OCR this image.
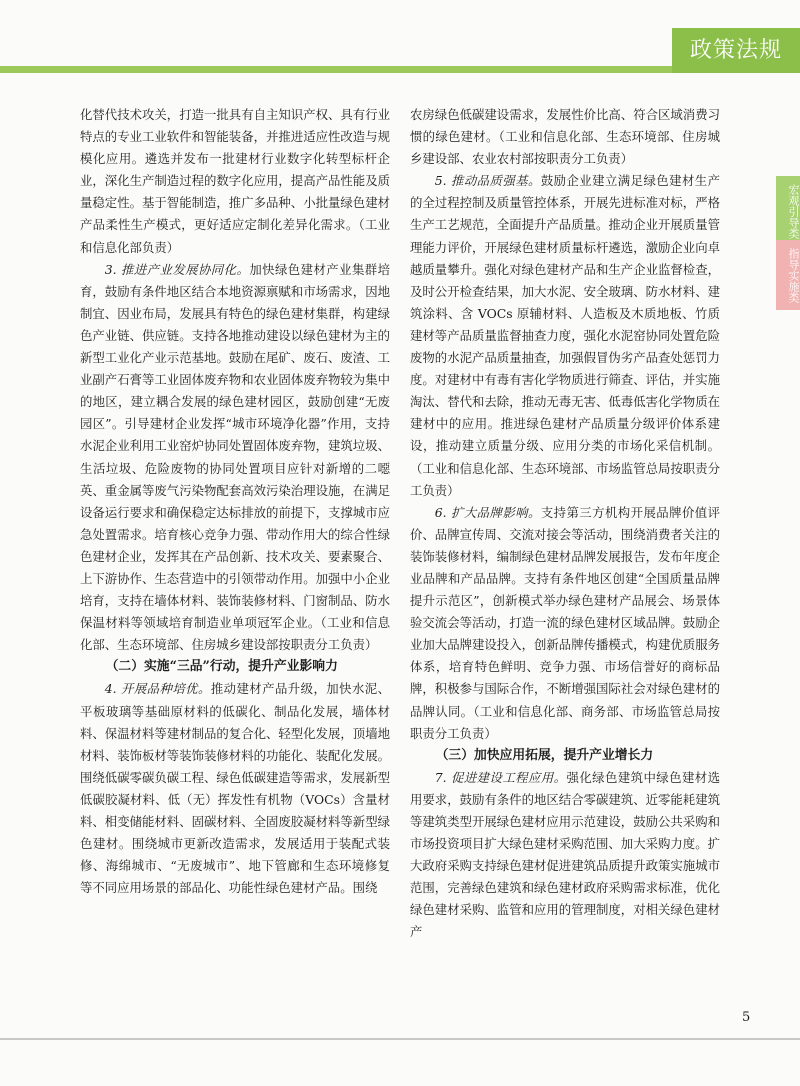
政策法规
宏观引导类
指导实施类

化替代技术攻关，打造一批具有自主知识产权、具有行业特点的专业工业软件和智能装备，并推进适应性改造与规模化应用。遴选并发布一批建材行业数字化转型标杆企业，深化生产制造过程的数字化应用，提高产品性能及质量稳定性。基于智能制造，推广多品种、小批量绿色建材产品柔性生产模式，更好适应定制化差异化需求。（工业和信息化部负责）

3. 推进产业发展协同化。加快绿色建材产业集群培育，鼓励有条件地区结合本地资源禀赋和市场需求，因地制宜、因业布局，发展具有特色的绿色建材集群，构建绿色产业链、供应链。支持各地推动建设以绿色建材为主的新型工业化产业示范基地。鼓励在尾矿、废石、废渣、工业副产石膏等工业固体废弃物和农业固体废弃物较为集中的地区，建立耦合发展的绿色建材园区，鼓励创建“无废园区”。引导建材企业发挥“城市环境净化器”作用，支持水泥企业利用工业窑炉协同处置固体废弃物，建筑垃圾、生活垃圾、危险废物的协同处置项目应针对新增的二噁英、重金属等废气污染物配套高效污染治理设施，在满足设备运行要求和确保稳定达标排放的前提下，支撑城市应急处置需求。培育核心竞争力强、带动作用大的综合性绿色建材企业，发挥其在产品创新、技术攻关、要素聚合、上下游协作、生态营造中的引领带动作用。加强中小企业培育，支持在墙体材料、装饰装修材料、门窗制品、防水保温材料等领域培育制造业单项冠军企业。（工业和信息化部、生态环境部、住房城乡建设部按职责分工负责）

（二）实施“三品”行动，提升产业影响力

4. 开展品种培优。推动建材产品升级，加快水泥、平板玻璃等基础原材料的低碳化、制品化发展，墙体材料、保温材料等建材制品的复合化、轻型化发展，顶墙地材料、装饰板材等装饰装修材料的功能化、装配化发展。围绕低碳零碳负碳工程、绿色低碳建造等需求，发展新型低碳胶凝材料、低（无）挥发性有机物（VOCs）含量材料、相变储能材料、固碳材料、全固废胶凝材料等新型绿色建材。围绕城市更新改造需求，发展适用于装配式装修、海绵城市、“无废城市”、地下管廊和生态环境修复等不同应用场景的部品化、功能性绿色建材产品。围绕

农房绿色低碳建设需求，发展性价比高、符合区域消费习惯的绿色建材。（工业和信息化部、生态环境部、住房城乡建设部、农业农村部按职责分工负责）

5. 推动品质强基。鼓励企业建立满足绿色建材生产的全过程控制及质量管控体系，开展先进标准对标，严格生产工艺规范，全面提升产品质量。推动企业开展质量管理能力评价，开展绿色建材质量标杆遴选，激励企业向卓越质量攀升。强化对绿色建材产品和生产企业监督检查，及时公开检查结果，加大水泥、安全玻璃、防水材料、建筑涂料、含 VOCs 原辅材料、人造板及木质地板、竹质建材等产品质量监督抽查力度，强化水泥窑协同处置危险废物的水泥产品质量抽查，加强假冒伪劣产品查处惩罚力度。对建材中有毒有害化学物质进行筛查、评估，并实施淘汰、替代和去除，推动无毒无害、低毒低害化学物质在建材中的应用。推进绿色建材产品质量分级评价体系建设，推动建立质量分级、应用分类的市场化采信机制。（工业和信息化部、生态环境部、市场监管总局按职责分工负责）

6. 扩大品牌影响。支持第三方机构开展品牌价值评价、品牌宣传周、交流对接会等活动，围绕消费者关注的装饰装修材料，编制绿色建材品牌发展报告，发布年度企业品牌和产品品牌。支持有条件地区创建“全国质量品牌提升示范区”，创新模式举办绿色建材产品展会、场景体验交流会等活动，打造一流的绿色建材区域品牌。鼓励企业加大品牌建设投入，创新品牌传播模式，构建优质服务体系，培育特色鲜明、竞争力强、市场信誉好的商标品牌，积极参与国际合作，不断增强国际社会对绿色建材的品牌认同。（工业和信息化部、商务部、市场监管总局按职责分工负责）

（三）加快应用拓展，提升产业增长力

7. 促进建设工程应用。强化绿色建筑中绿色建材选用要求，鼓励有条件的地区结合零碳建筑、近零能耗建筑等建筑类型开展绿色建材应用示范建设，鼓励公共采购和市场投资项目扩大绿色建材采购范围、加大采购力度。扩大政府采购支持绿色建材促进建筑品质提升政策实施城市范围，完善绿色建筑和绿色建材政府采购需求标准，优化绿色建材采购、监管和应用的管理制度，对相关绿色建材产

5
